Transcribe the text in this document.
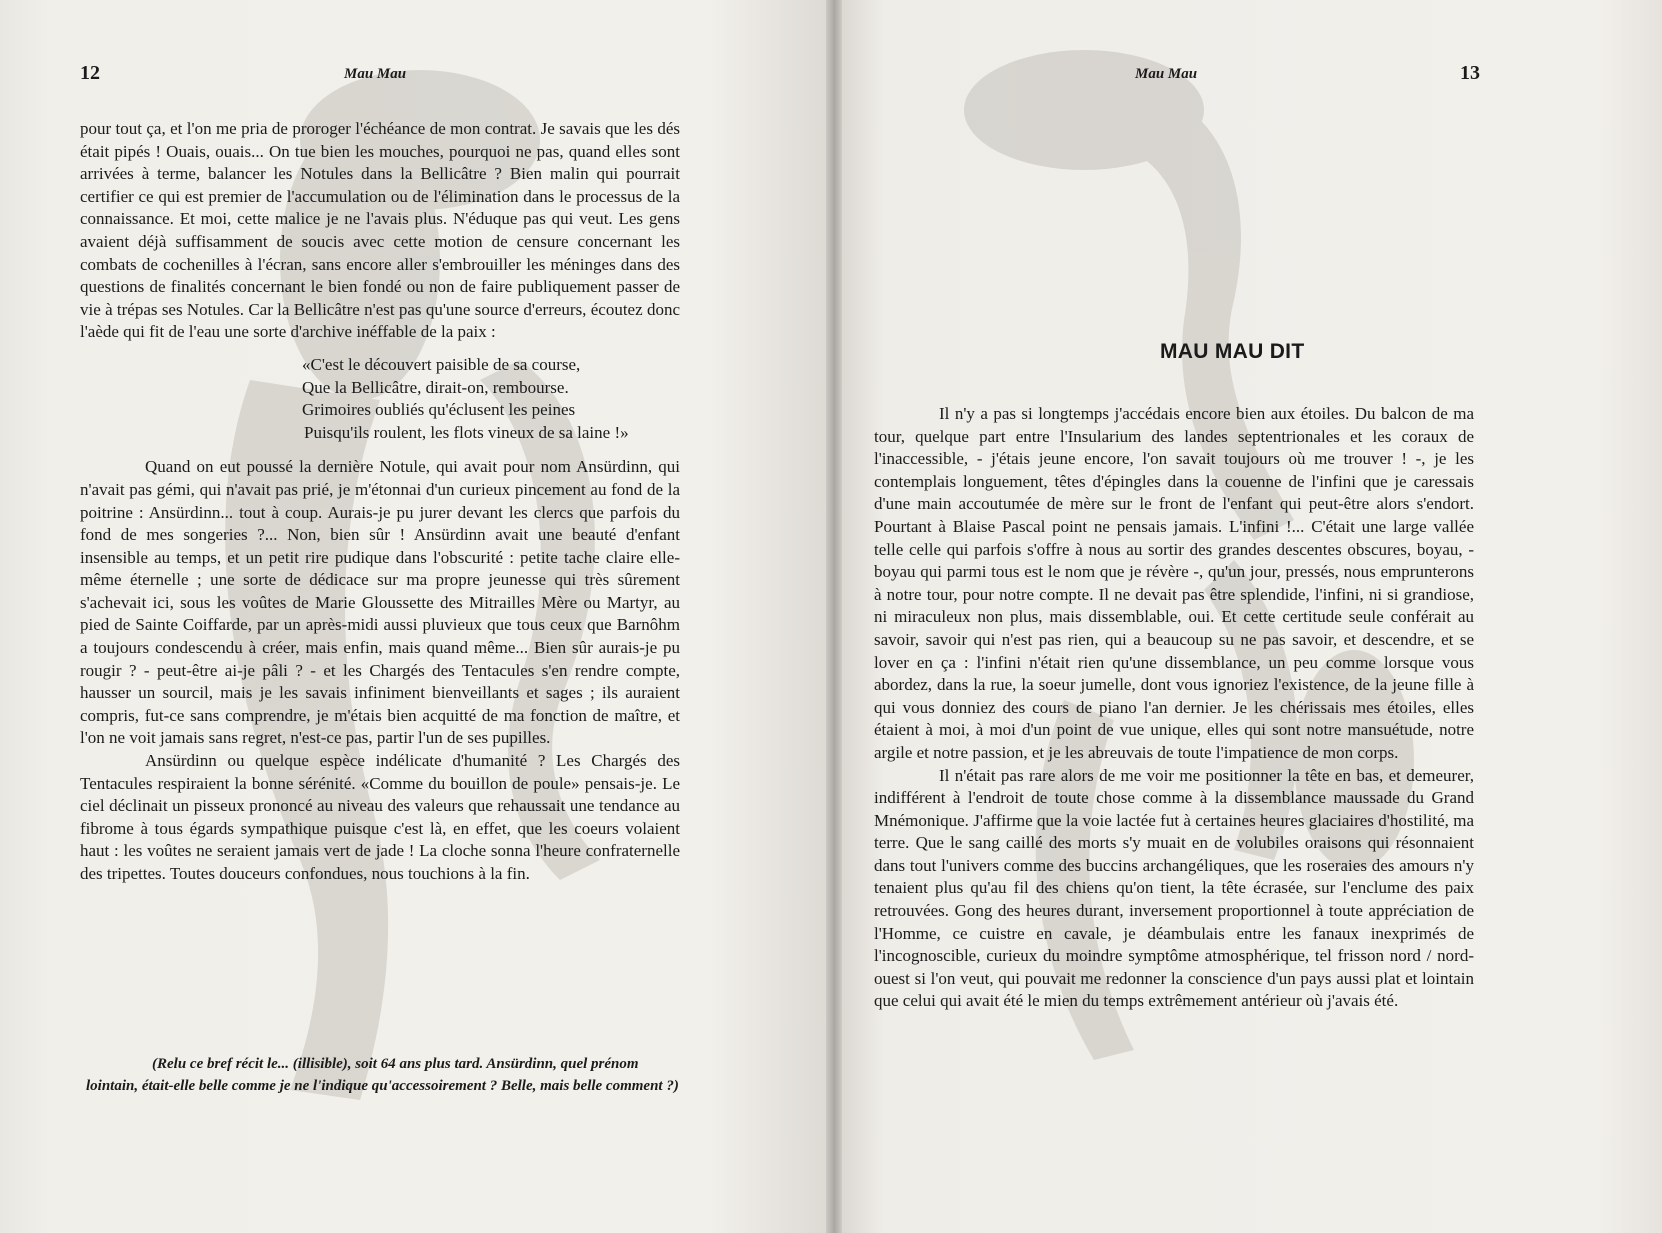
12	Mau Mau

pour tout ça, et l'on me pria de proroger l'échéance de mon contrat. Je savais que les dés était pipés ! Ouais, ouais... On tue bien les mouches, pourquoi ne pas, quand elles sont arrivées à terme, balancer les Notules dans la Bellicâtre ? Bien malin qui pourrait certifier ce qui est premier de l'accumulation ou de l'élimination dans le processus de la connaissance. Et moi, cette malice je ne l'avais plus. N'éduque pas qui veut. Les gens avaient déjà suffisamment de soucis avec cette motion de censure concernant les combats de cochenilles à l'écran, sans encore aller s'embrouiller les méninges dans des questions de finalités concernant le bien fondé ou non de faire publiquement passer de vie à trépas ses Notules. Car la Bellicâtre n'est pas qu'une source d'erreurs, écoutez donc l'aède qui fit de l'eau une sorte d'archive inéffable de la paix :

«C'est le découvert paisible de sa course,
Que la Bellicâtre, dirait-on, rembourse.
Grimoires oubliés qu'éclusent les peines
Puisqu'ils roulent, les flots vineux de sa laine !»

Quand on eut poussé la dernière Notule, qui avait pour nom Ansürdinn, qui n'avait pas gémi, qui n'avait pas prié, je m'étonnai d'un curieux pincement au fond de la poitrine : Ansürdinn... tout à coup. Aurais-je pu jurer devant les clercs que parfois du fond de mes songeries ?... Non, bien sûr ! Ansürdinn avait une beauté d'enfant insensible au temps, et un petit rire pudique dans l'obscurité : petite tache claire elle-même éternelle ; une sorte de dédicace sur ma propre jeunesse qui très sûrement s'achevait ici, sous les voûtes de Marie Gloussette des Mitrailles Mère ou Martyr, au pied de Sainte Coiffarde, par un après-midi aussi pluvieux que tous ceux que Barnôhm a toujours condescendu à créer, mais enfin, mais quand même... Bien sûr aurais-je pu rougir ? - peut-être ai-je pâli ? - et les Chargés des Tentacules s'en rendre compte, hausser un sourcil, mais je les savais infiniment bienveillants et sages ; ils auraient compris, fut-ce sans comprendre, je m'étais bien acquitté de ma fonction de maître, et l'on ne voit jamais sans regret, n'est-ce pas, partir l'un de ses pupilles.

Ansürdinn ou quelque espèce indélicate d'humanité ? Les Chargés des Tentacules respiraient la bonne sérénité. «Comme du bouillon de poule» pensais-je. Le ciel déclinait un pisseux prononcé au niveau des valeurs que rehaussait une tendance au fibrome à tous égards sympathique puisque c'est là, en effet, que les coeurs volaient haut : les voûtes ne seraient jamais vert de jade ! La cloche sonna l'heure confraternelle des tripettes. Toutes douceurs confondues, nous touchions à la fin.

(Relu ce bref récit le... (illisible), soit 64 ans plus tard. Ansürdinn, quel prénom
lointain, était-elle belle comme je ne l'indique qu'accessoirement ? Belle, mais belle comment ?)
Mau Mau	13
MAU MAU DIT

Il n'y a pas si longtemps j'accédais encore bien aux étoiles. Du balcon de ma tour, quelque part entre l'Insularium des landes septentrionales et les coraux de l'inaccessible, - j'étais jeune encore, l'on savait toujours où me trouver ! -, je les contemplais longuement, têtes d'épingles dans la couenne de l'infini que je caressais d'une main accoutumée de mère sur le front de l'enfant qui peut-être alors s'endort. Pourtant à Blaise Pascal point ne pensais jamais. L'infini !... C'était une large vallée telle celle qui parfois s'offre à nous au sortir des grandes descentes obscures, boyau, - boyau qui parmi tous est le nom que je révère -, qu'un jour, pressés, nous emprunterons à notre tour, pour notre compte. Il ne devait pas être splendide, l'infini, ni si grandiose, ni miraculeux non plus, mais dissemblable, oui. Et cette certitude seule conférait au savoir, savoir qui n'est pas rien, qui a beaucoup su ne pas savoir, et descendre, et se lover en ça : l'infini n'était rien qu'une dissemblance, un peu comme lorsque vous abordez, dans la rue, la soeur jumelle, dont vous ignoriez l'existence, de la jeune fille à qui vous donniez des cours de piano l'an dernier. Je les chérissais mes étoiles, elles étaient à moi, à moi d'un point de vue unique, elles qui sont notre mansuétude, notre argile et notre passion, et je les abreuvais de toute l'impatience de mon corps.

Il n'était pas rare alors de me voir me positionner la tête en bas, et demeurer, indifférent à l'endroit de toute chose comme à la dissemblance maussade du Grand Mnémonique. J'affirme que la voie lactée fut à certaines heures glaciaires d'hostilité, ma terre. Que le sang caillé des morts s'y muait en de volubiles oraisons qui résonnaient dans tout l'univers comme des buccins archangéliques, que les roseraies des amours n'y tenaient plus qu'au fil des chiens qu'on tient, la tête écrasée, sur l'enclume des paix retrouvées. Gong des heures durant, inversement proportionnel à toute appréciation de l'Homme, ce cuistre en cavale, je déambulais entre les fanaux inexprimés de l'incognoscible, curieux du moindre symptôme atmosphérique, tel frisson nord / nord-ouest si l'on veut, qui pouvait me redonner la conscience d'un pays aussi plat et lointain que celui qui avait été le mien du temps extrêmement antérieur où j'avais été.
